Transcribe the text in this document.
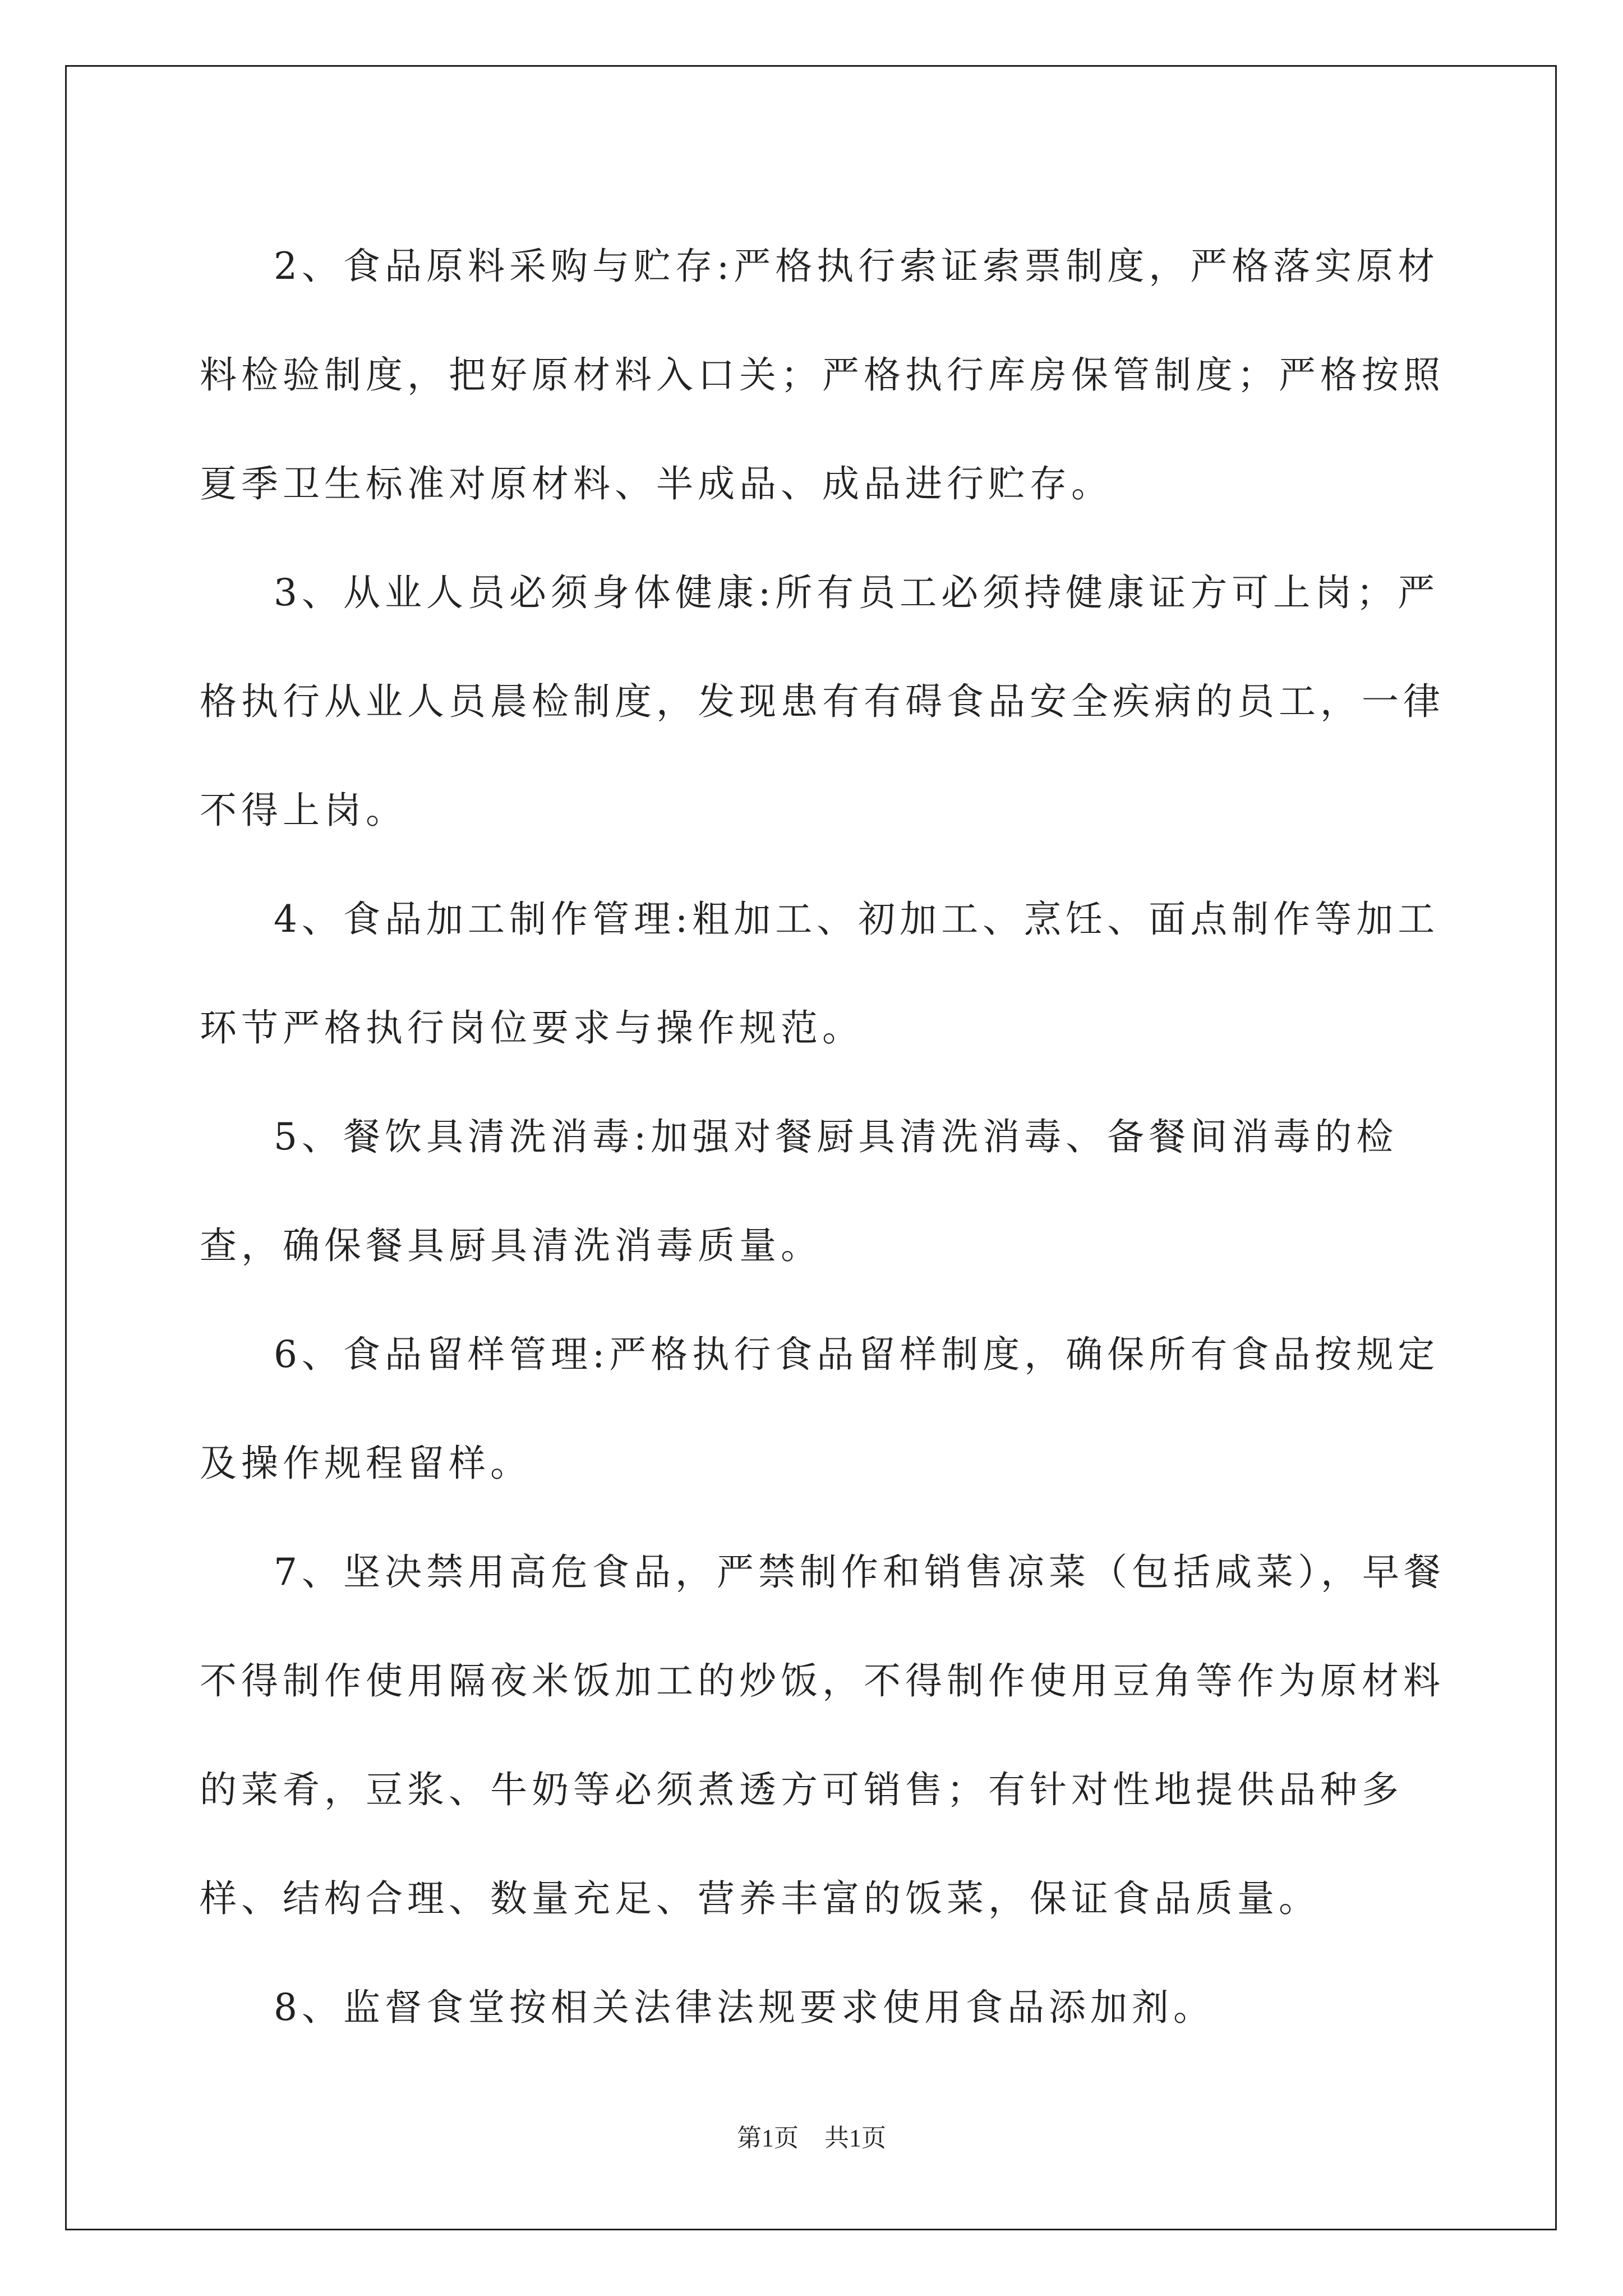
2、食品原料采购与贮存:严格执行索证索票制度，严格落实原材料检验制度，把好原材料入口关；严格执行库房保管制度；严格按照夏季卫生标准对原材料、半成品、成品进行贮存。

3、从业人员必须身体健康:所有员工必须持健康证方可上岗；严格执行从业人员晨检制度，发现患有有碍食品安全疾病的员工，一律不得上岗。

4、食品加工制作管理:粗加工、初加工、烹饪、面点制作等加工环节严格执行岗位要求与操作规范。

5、餐饮具清洗消毒:加强对餐厨具清洗消毒、备餐间消毒的检查，确保餐具厨具清洗消毒质量。

6、食品留样管理:严格执行食品留样制度，确保所有食品按规定及操作规程留样。

7、坚决禁用高危食品，严禁制作和销售凉菜（包括咸菜），早餐不得制作使用隔夜米饭加工的炒饭，不得制作使用豆角等作为原材料的菜肴，豆浆、牛奶等必须煮透方可销售；有针对性地提供品种多样、结构合理、数量充足、营养丰富的饭菜，保证食品质量。

8、监督食堂按相关法律法规要求使用食品添加剂。

第1页 共1页
